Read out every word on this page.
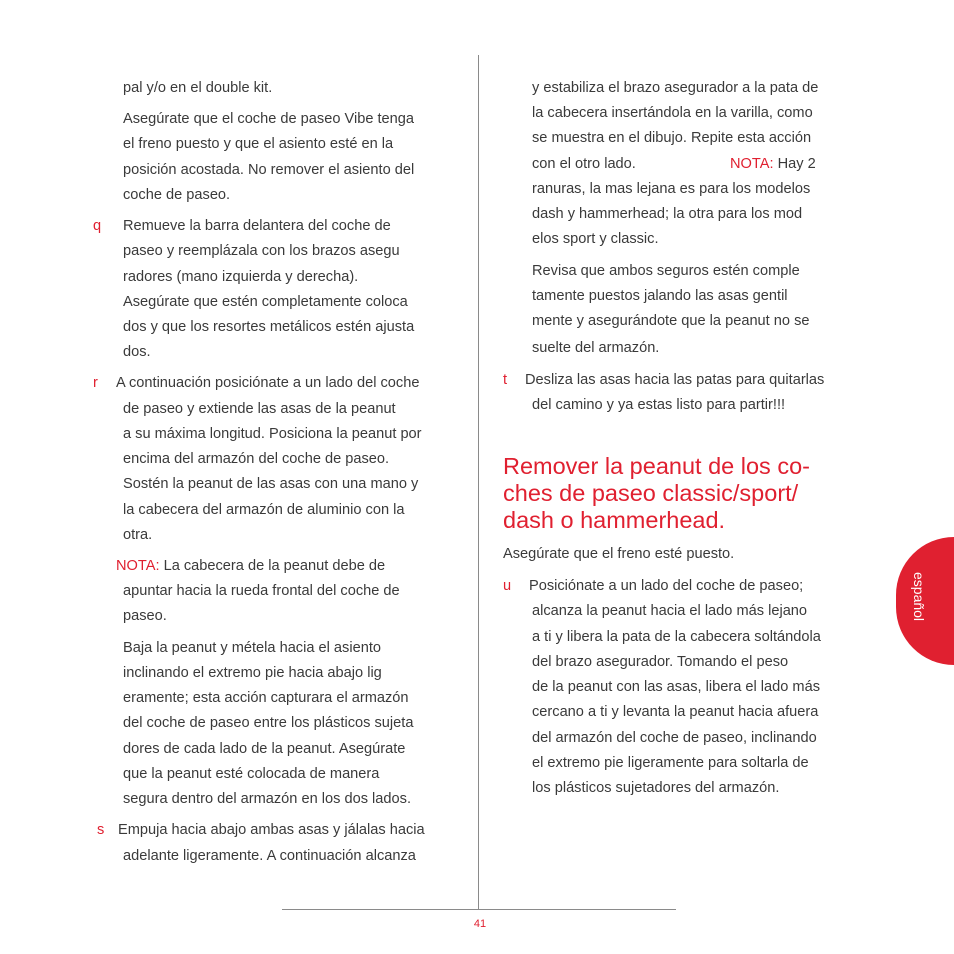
41
español

pal y/o en el double kit.

Asegúrate que el coche de paseo Vibe tenga

el freno puesto y que el asiento esté en la

posición acostada. No remover el asiento del

coche de paseo.

q Remueve la barra delantera del coche de

paseo y reemplázala con los brazos asegu

radores (mano izquierda y derecha).

Asegúrate que estén completamente coloca

dos y que los resortes metálicos estén ajusta

dos.

r A continuación posiciónate a un lado del coche

de paseo y extiende las asas de la peanut

a su máxima longitud. Posiciona la peanut por

encima del armazón del coche de paseo.

Sostén la peanut de las asas con una mano y

la cabecera del armazón de aluminio con la

otra.

NOTA: La cabecera de la peanut debe de

apuntar hacia la rueda frontal del coche de

paseo.

Baja la peanut y métela hacia el asiento

inclinando el extremo pie hacia abajo lig

eramente; esta acción capturara el armazón

del coche de paseo entre los plásticos sujeta

dores de cada lado de la peanut. Asegúrate

que la peanut esté colocada de manera

segura dentro del armazón en los dos lados.

s Empuja hacia abajo ambas asas y jálalas hacia

adelante ligeramente. A continuación alcanza

y estabiliza el brazo asegurador a la pata de

la cabecera insertándola en la varilla, como

se muestra en el dibujo. Repite esta acción

con el otro lado.	NOTA: Hay 2

ranuras, la mas lejana es para los modelos

dash y hammerhead; la otra para los mod

elos sport y classic.

Revisa que ambos seguros estén comple

tamente puestos jalando las asas gentil

mente y asegurándote que la peanut no se

suelte del armazón.

t Desliza las asas hacia las patas para quitarlas

del camino y ya estas listo para partir!!!

Remover la peanut de los co-
ches de paseo classic/sport/
dash o hammerhead.

Asegúrate que el freno esté puesto.

u Posiciónate a un lado del coche de paseo;

alcanza la peanut hacia el lado más lejano

a ti y libera la pata de la cabecera soltándola

del brazo asegurador. Tomando el peso

de la peanut con las asas, libera el lado más

cercano a ti y levanta la peanut hacia afuera

del armazón del coche de paseo, inclinando

el extremo pie ligeramente para soltarla de

los plásticos sujetadores del armazón.
